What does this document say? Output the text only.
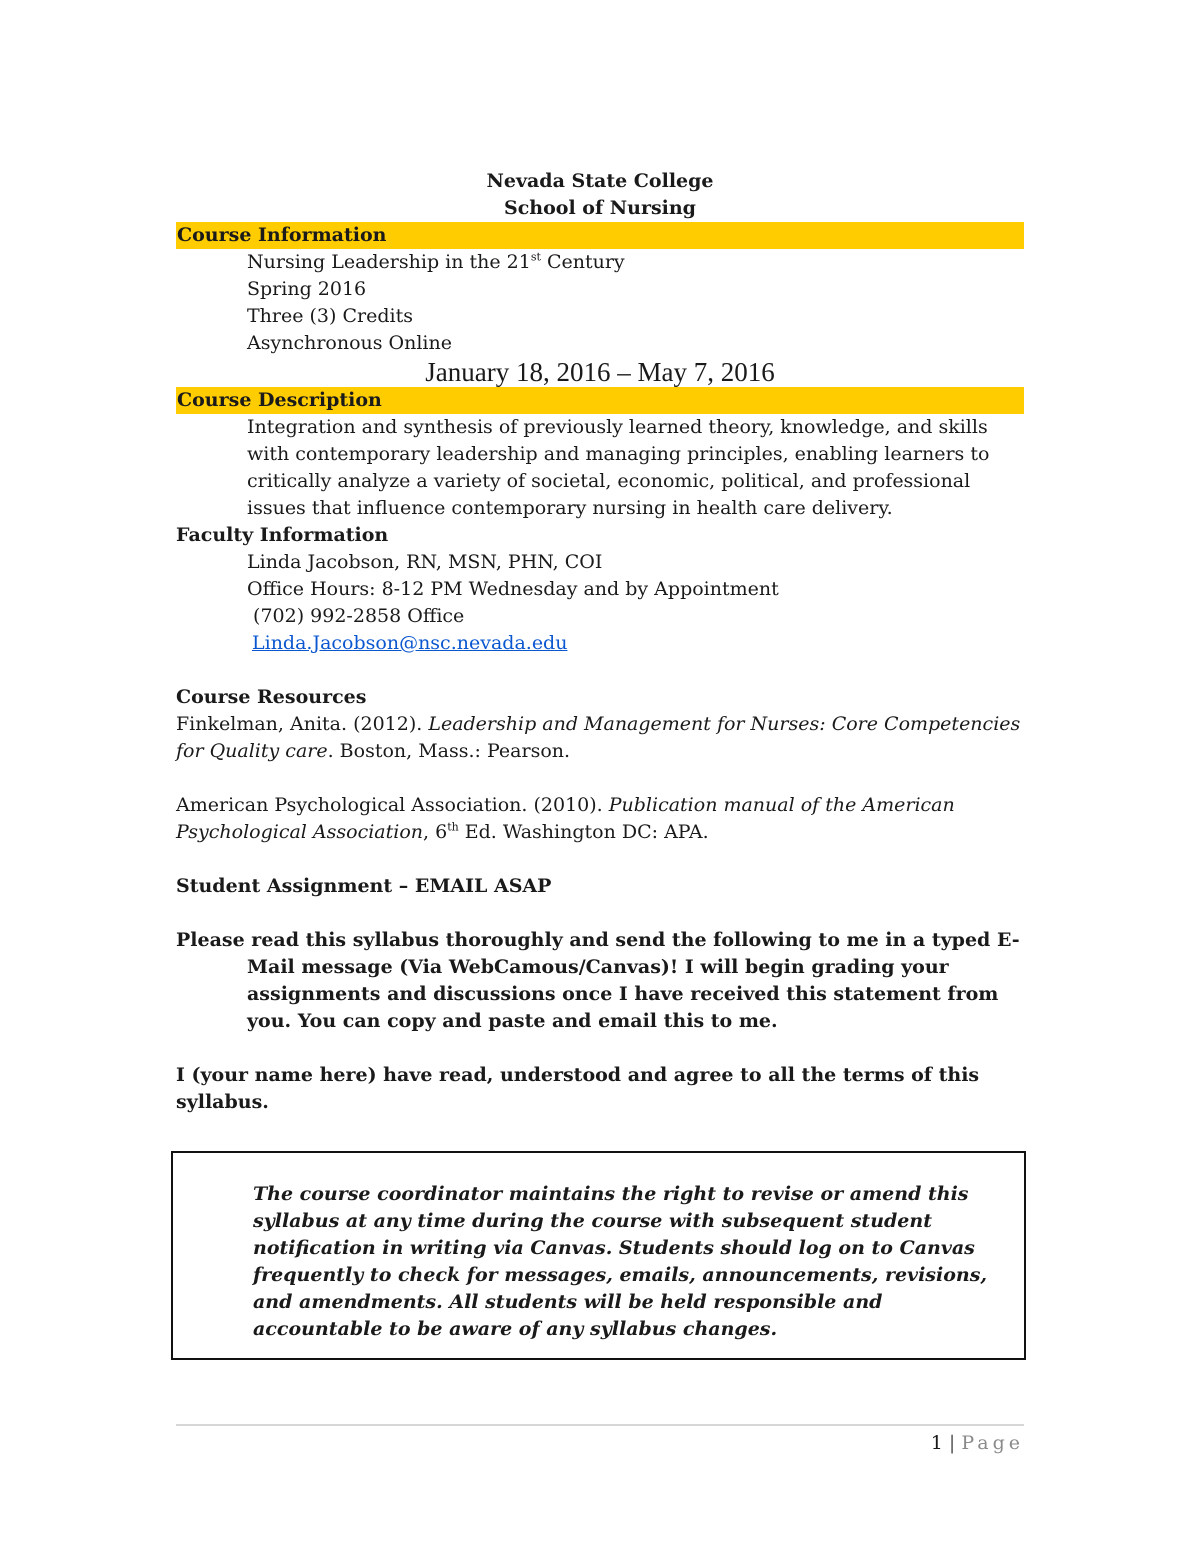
Nevada State College
School of Nursing
Course Information
Nursing Leadership in the 21st Century
Spring 2016
Three (3) Credits
Asynchronous Online
January 18, 2016 – May 7, 2016
Course Description
Integration and synthesis of previously learned theory, knowledge, and skills with contemporary leadership and managing principles, enabling learners to critically analyze a variety of societal, economic, political, and professional issues that influence contemporary nursing in health care delivery.
Faculty Information
Linda Jacobson, RN, MSN, PHN, COI
Office Hours: 8-12 PM Wednesday and by Appointment
(702) 992-2858 Office
Linda.Jacobson@nsc.nevada.edu
Course Resources
Finkelman, Anita. (2012). Leadership and Management for Nurses: Core Competencies for Quality care. Boston, Mass.: Pearson.
American Psychological Association. (2010). Publication manual of the American Psychological Association, 6th Ed. Washington DC: APA.
Student Assignment – EMAIL ASAP
Please read this syllabus thoroughly and send the following to me in a typed E-Mail message (Via WebCamous/Canvas)! I will begin grading your assignments and discussions once I have received this statement from you. You can copy and paste and email this to me.
I (your name here) have read, understood and agree to all the terms of this syllabus.
The course coordinator maintains the right to revise or amend this syllabus at any time during the course with subsequent student notification in writing via Canvas. Students should log on to Canvas frequently to check for messages, emails, announcements, revisions, and amendments. All students will be held responsible and accountable to be aware of any syllabus changes.
1 | Page
